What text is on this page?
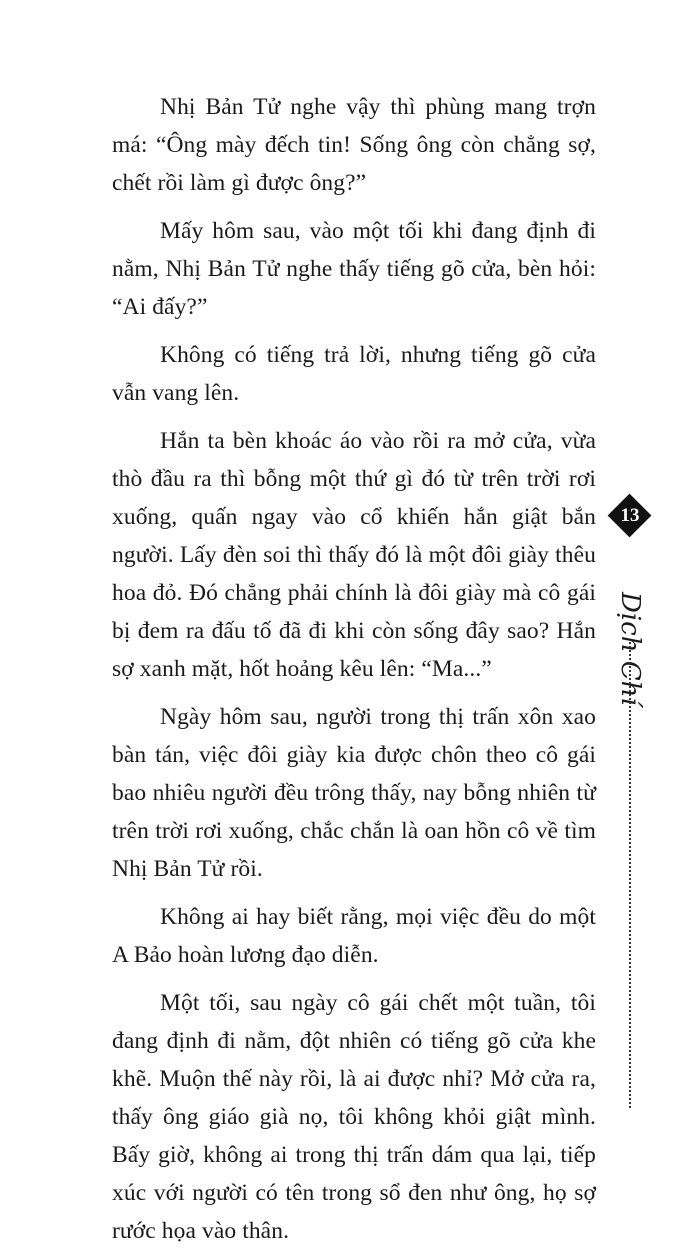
Nhị Bản Tử nghe vậy thì phùng mang trợn má: “Ông mày đếch tin! Sống ông còn chẳng sợ, chết rồi làm gì được ông?”

Mấy hôm sau, vào một tối khi đang định đi nằm, Nhị Bản Tử nghe thấy tiếng gõ cửa, bèn hỏi: “Ai đấy?”

Không có tiếng trả lời, nhưng tiếng gõ cửa vẫn vang lên.

Hắn ta bèn khoác áo vào rồi ra mở cửa, vừa thò đầu ra thì bỗng một thứ gì đó từ trên trời rơi xuống, quấn ngay vào cổ khiến hắn giật bắn người. Lấy đèn soi thì thấy đó là một đôi giày thêu hoa đỏ. Đó chẳng phải chính là đôi giày mà cô gái bị đem ra đấu tố đã đi khi còn sống đây sao? Hắn sợ xanh mặt, hốt hoảng kêu lên: “Ma...”

Ngày hôm sau, người trong thị trấn xôn xao bàn tán, việc đôi giày kia được chôn theo cô gái bao nhiêu người đều trông thấy, nay bỗng nhiên từ trên trời rơi xuống, chắc chắn là oan hồn cô về tìm Nhị Bản Tử rồi.

Không ai hay biết rằng, mọi việc đều do một A Bảo hoàn lương đạo diễn.

Một tối, sau ngày cô gái chết một tuần, tôi đang định đi nằm, đột nhiên có tiếng gõ cửa khe khẽ. Muộn thế này rồi, là ai được nhỉ? Mở cửa ra, thấy ông giáo già nọ, tôi không khỏi giật mình. Bấy giờ, không ai trong thị trấn dám qua lại, tiếp xúc với người có tên trong sổ đen như ông, họ sợ rước họa vào thân.

13
Dịch Chí
